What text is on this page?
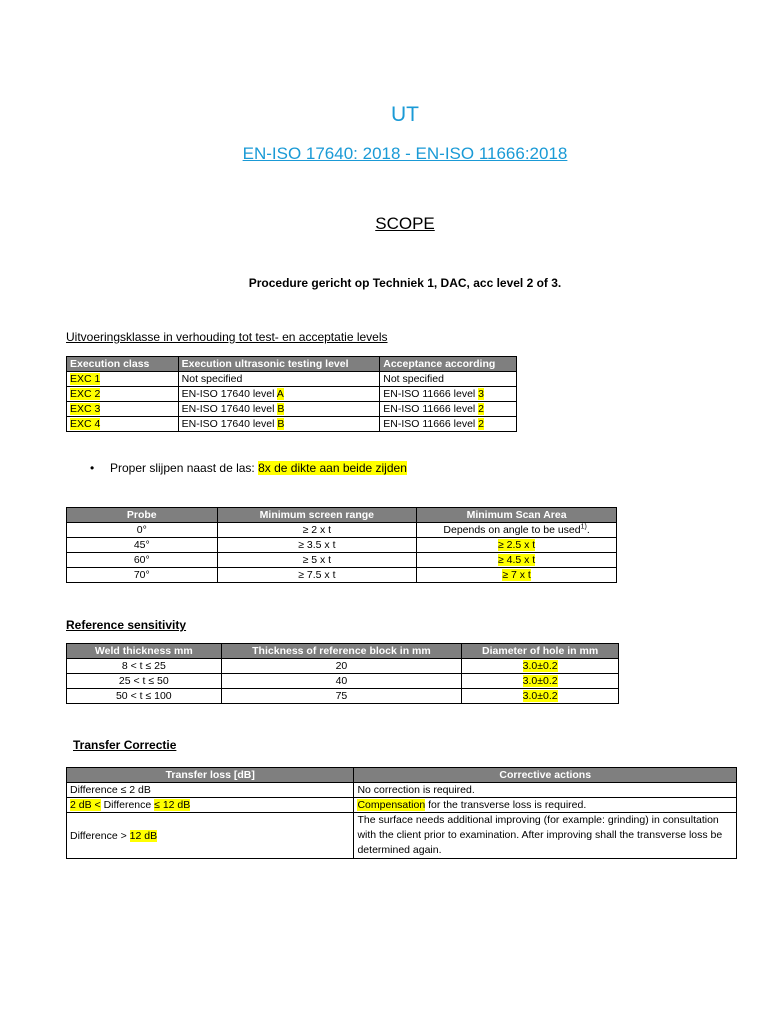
UT
EN-ISO 17640: 2018 - EN-ISO 11666:2018
SCOPE
Procedure gericht op Techniek 1, DAC, acc level 2 of 3.
Uitvoeringsklasse in verhouding tot test- en acceptatie levels
Execution class	Execution ultrasonic testing level	Acceptance according
EXC 1	Not specified	Not specified
EXC 2	EN-ISO 17640 level A	EN-ISO 11666 level 3
EXC 3	EN-ISO 17640 level B	EN-ISO 11666 level 2
EXC 4	EN-ISO 17640 level B	EN-ISO 11666 level 2
• Proper slijpen naast de las: 8x de dikte aan beide zijden
Probe	Minimum screen range	Minimum Scan Area
0°	≥ 2 x t	Depends on angle to be used$^{1)}$.
45°	≥ 3.5 x t	≥ 2.5 x t
60°	≥ 5 x t	≥ 4.5 x t
70°	≥ 7.5 x t	≥ 7 x t
Reference sensitivity
Weld thickness mm	Thickness of reference block in mm	Diameter of hole in mm
8 < t ≤ 25	20	3.0±0.2
25 < t ≤ 50	40	3.0±0.2
50 < t ≤ 100	75	3.0±0.2
Transfer Correctie
Transfer loss [dB]	Corrective actions
Difference ≤ 2 dB	No correction is required.
2 dB < Difference ≤ 12 dB	Compensation for the transverse loss is required.
Difference > 12 dB	The surface needs additional improving (for example: grinding) in consultation with the client prior to examination. After improving shall the transverse loss be determined again.
